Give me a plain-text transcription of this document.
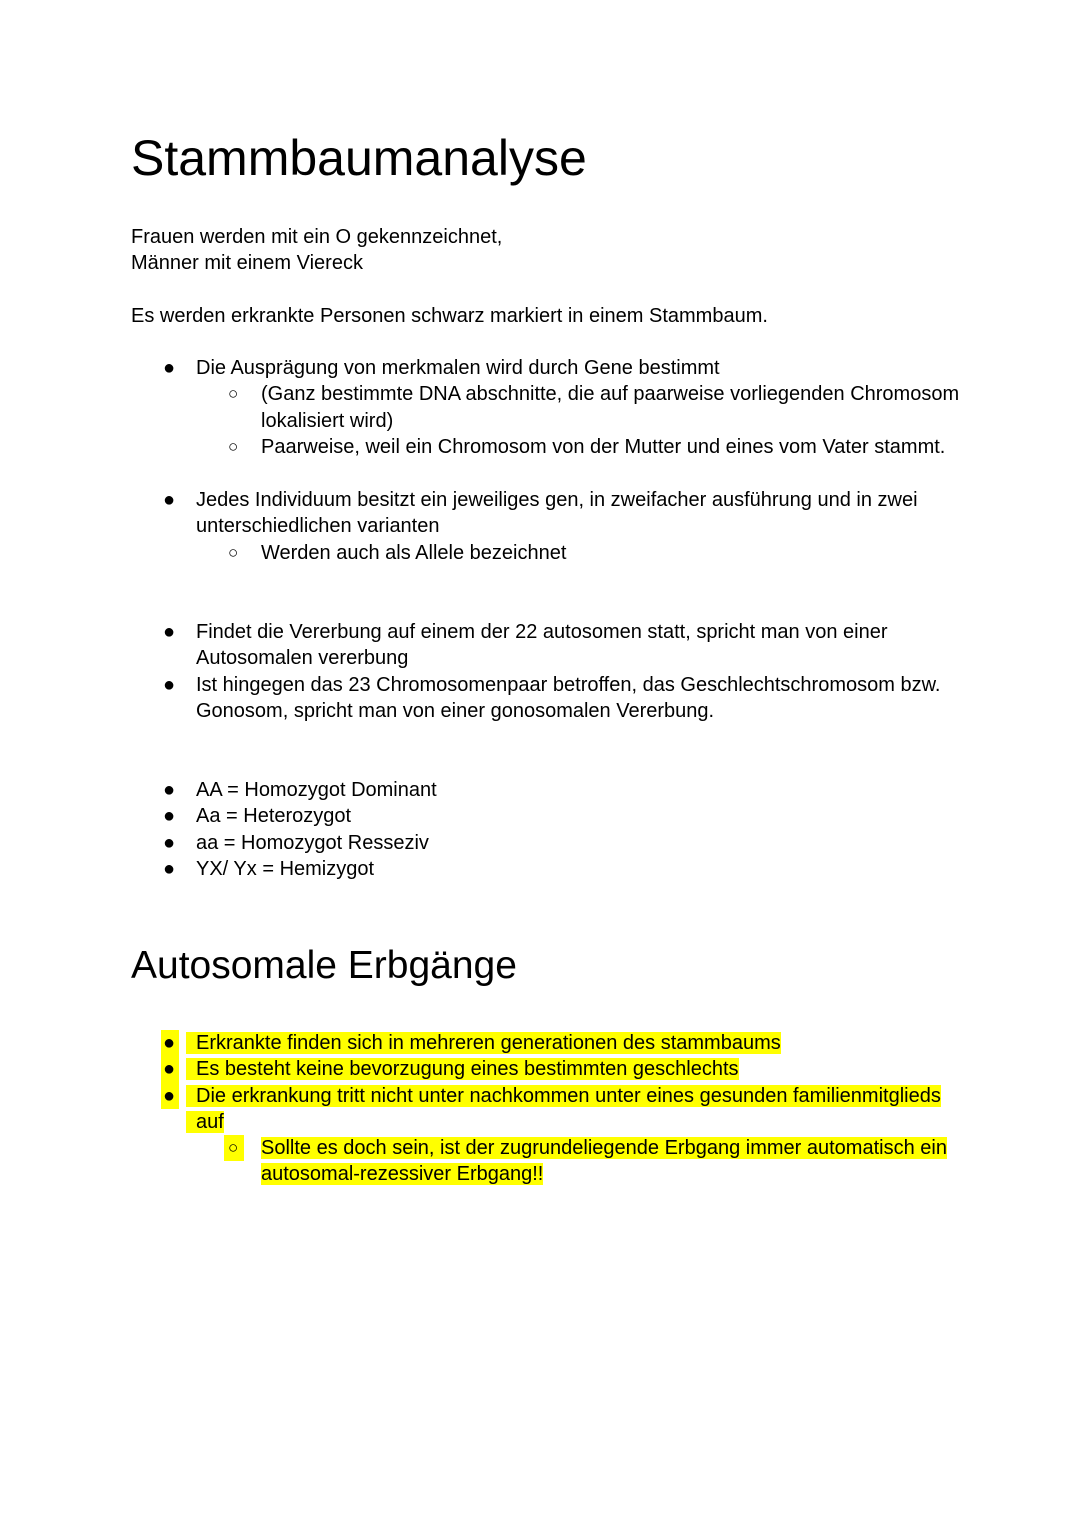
Stammbaumanalyse
Frauen werden mit ein O gekennzeichnet,
Männer mit einem Viereck
Es werden erkrankte Personen schwarz markiert in einem Stammbaum.
● Die Ausprägung von merkmalen wird durch Gene bestimmt
○ (Ganz bestimmte DNA abschnitte, die auf paarweise vorliegenden Chromosom lokalisiert wird)
○ Paarweise, weil ein Chromosom von der Mutter und eines vom Vater stammt.
● Jedes Individuum besitzt ein jeweiliges gen, in zweifacher ausführung und in zwei unterschiedlichen varianten
○ Werden auch als Allele bezeichnet
● Findet die Vererbung auf einem der 22 autosomen statt, spricht man von einer Autosomalen vererbung
● Ist hingegen das 23 Chromosomenpaar betroffen, das Geschlechtschromosom bzw. Gonosom, spricht man von einer gonosomalen Vererbung.
● AA = Homozygot Dominant
● Aa = Heterozygot
● aa = Homozygot Resseziv
● YX/ Yx = Hemizygot
Autosomale Erbgänge
● Erkrankte finden sich in mehreren generationen des stammbaums
● Es besteht keine bevorzugung eines bestimmten geschlechts
● Die erkrankung tritt nicht unter nachkommen unter eines gesunden familienmitglieds auf
○	Sollte es doch sein, ist der zugrundeliegende Erbgang immer automatisch ein autosomal-rezessiver Erbgang!!
